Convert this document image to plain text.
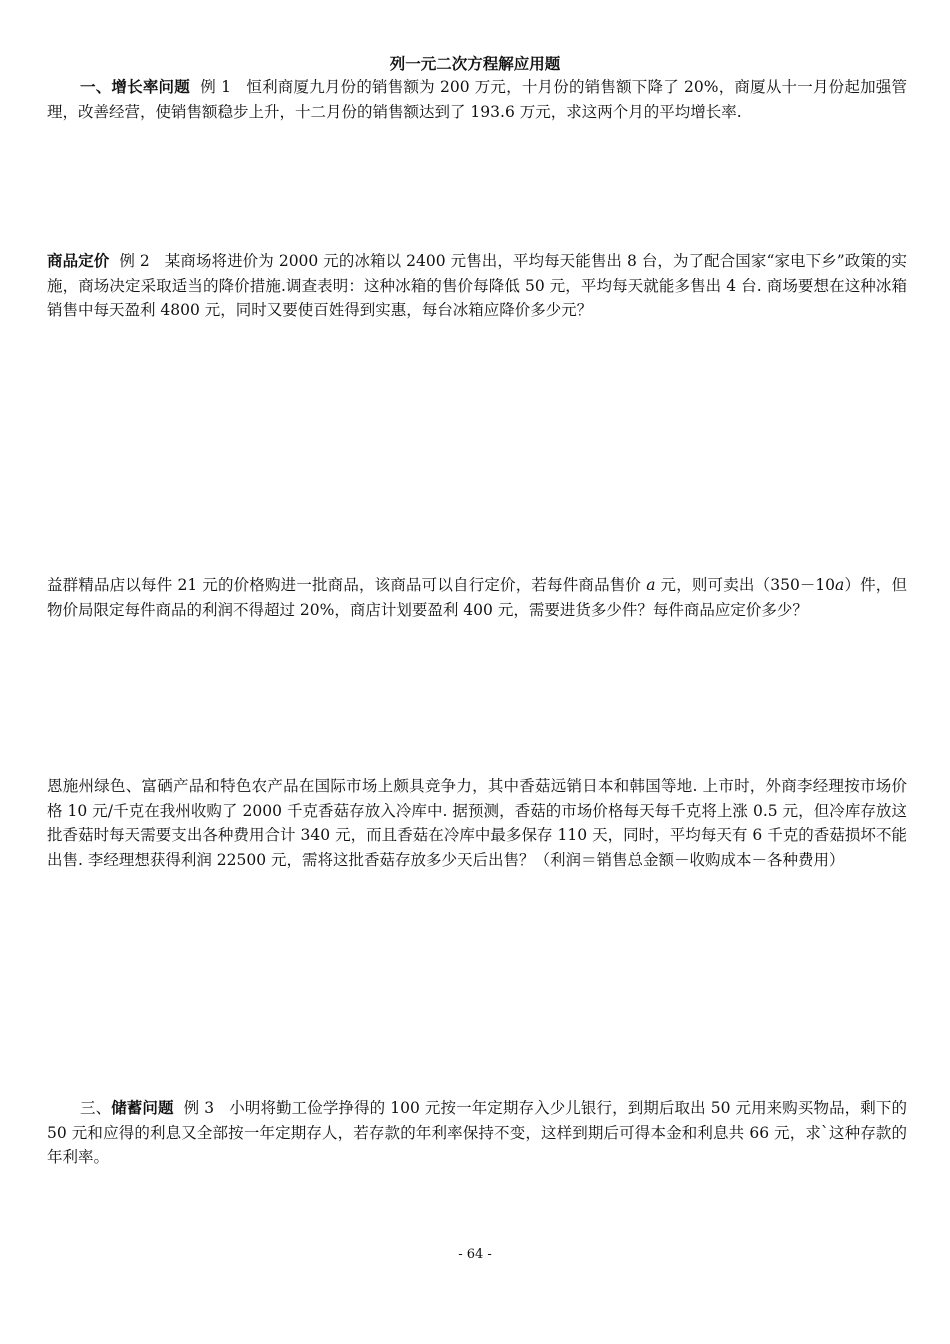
列一元二次方程解应用题

一、增长率问题 例 1 恒利商厦九月份的销售额为 200 万元，十月份的销售额下降了 20%，商厦从十一月份起加强管理，改善经营，使销售额稳步上升，十二月份的销售额达到了 193.6 万元，求这两个月的平均增长率.

商品定价 例 2 某商场将进价为 2000 元的冰箱以 2400 元售出，平均每天能售出 8 台，为了配合国家“家电下乡”政策的实施，商场决定采取适当的降价措施.调查表明：这种冰箱的售价每降低 50 元，平均每天就能多售出 4 台. 商场要想在这种冰箱销售中每天盈利 4800 元，同时又要使百姓得到实惠，每台冰箱应降价多少元？

益群精品店以每件 21 元的价格购进一批商品，该商品可以自行定价，若每件商品售价 a 元，则可卖出（350－10a）件，但物价局限定每件商品的利润不得超过 20%，商店计划要盈利 400 元，需要进货多少件？每件商品应定价多少？

恩施州绿色、富硒产品和特色农产品在国际市场上颇具竞争力，其中香菇远销日本和韩国等地. 上市时，外商李经理按市场价格 10 元/千克在我州收购了 2000 千克香菇存放入冷库中. 据预测，香菇的市场价格每天每千克将上涨 0.5 元，但冷库存放这批香菇时每天需要支出各种费用合计 340 元，而且香菇在冷库中最多保存 110 天，同时，平均每天有 6 千克的香菇损坏不能出售. 李经理想获得利润 22500 元，需将这批香菇存放多少天后出售？（利润＝销售总金额－收购成本－各种费用）

三、储蓄问题 例 3 小明将勤工俭学挣得的 100 元按一年定期存入少儿银行，到期后取出 50 元用来购买物品，剩下的 50 元和应得的利息又全部按一年定期存人，若存款的年利率保持不变，这样到期后可得本金和利息共 66 元，求`这种存款的年利率。

- 64 -
